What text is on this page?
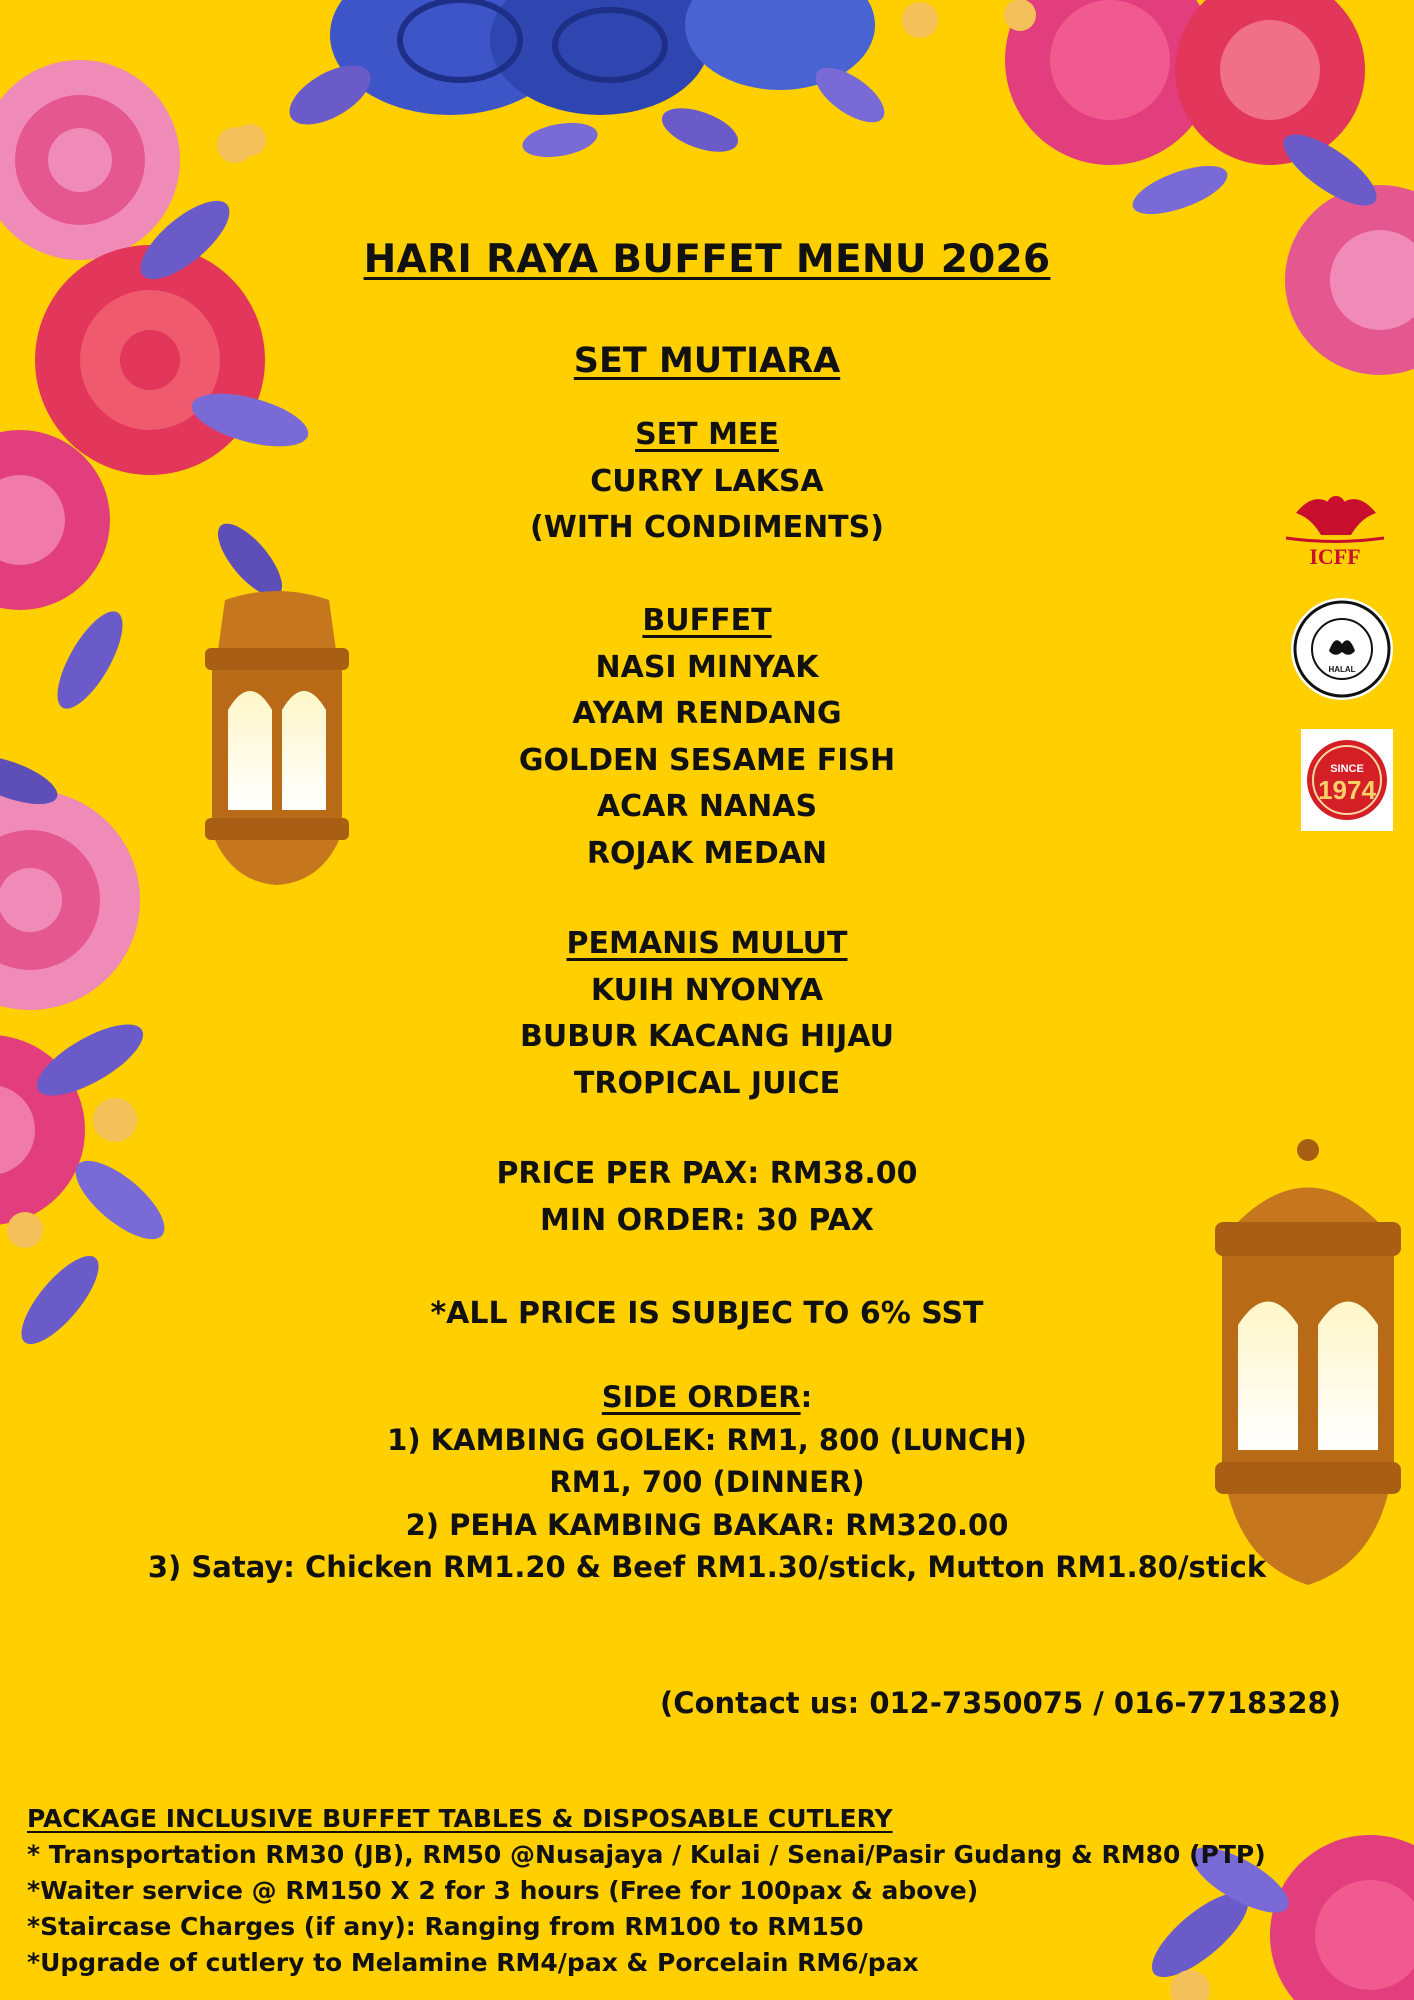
HARI RAYA BUFFET MENU 2026
SET MUTIARA
SET MEE
CURRY LAKSA
(WITH CONDIMENTS)
BUFFET
NASI MINYAK
AYAM RENDANG
GOLDEN SESAME FISH
ACAR NANAS
ROJAK MEDAN
PEMANIS MULUT
KUIH NYONYA
BUBUR KACANG HIJAU
TROPICAL JUICE
PRICE PER PAX: RM38.00
MIN ORDER: 30 PAX
*ALL PRICE IS SUBJEC TO 6% SST
SIDE ORDER:
1) KAMBING GOLEK: RM1, 800 (LUNCH)
RM1, 700 (DINNER)
2) PEHA KAMBING BAKAR: RM320.00
3) Satay: Chicken RM1.20 & Beef RM1.30/stick, Mutton RM1.80/stick
(Contact us: 012-7350075 / 016-7718328)
PACKAGE INCLUSIVE BUFFET TABLES & DISPOSABLE CUTLERY
* Transportation RM30 (JB), RM50 @Nusajaya / Kulai / Senai/Pasir Gudang & RM80 (PTP)
*Waiter service @ RM150 X 2 for 3 hours (Free for 100pax & above)
*Staircase Charges (if any): Ranging from RM100 to RM150
*Upgrade of cutlery to Melamine RM4/pax & Porcelain RM6/pax
ICFF
HALAL
SINCE
1974
